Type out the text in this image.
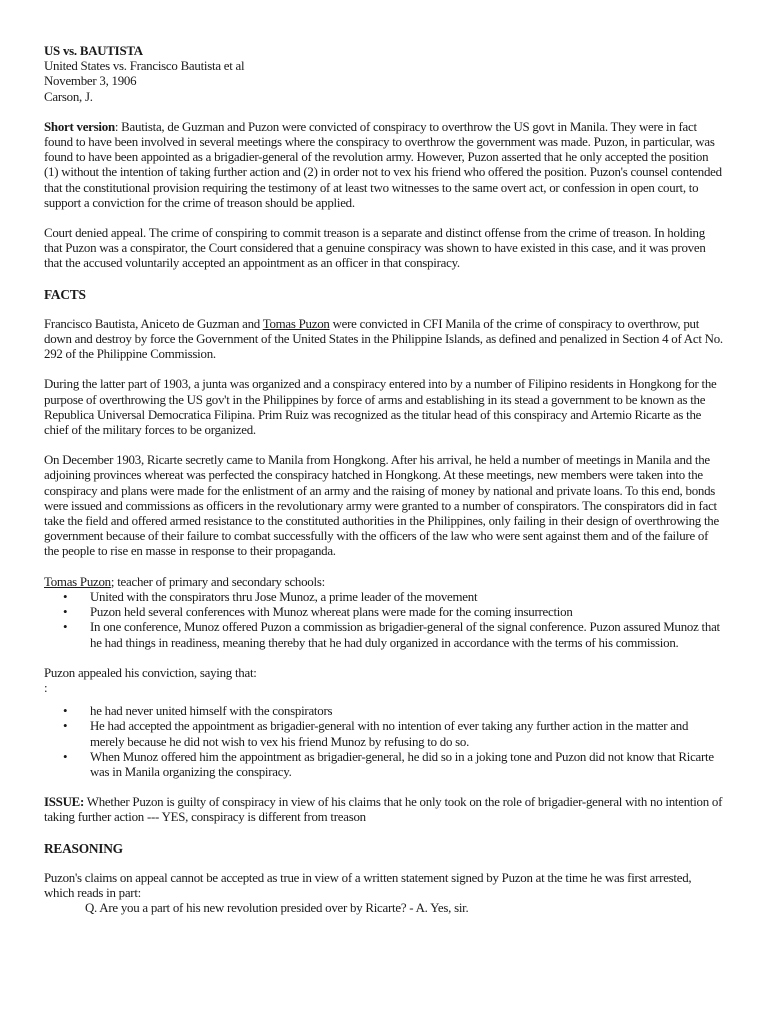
US vs. BAUTISTA

United States vs. Francisco Bautista et al

November 3, 1906

Carson, J.

Short version: Bautista, de Guzman and Puzon were convicted of conspiracy to overthrow the US govt in Manila. They were in fact found to have been involved in several meetings where the conspiracy to overthrow the government was made. Puzon, in particular, was found to have been appointed as a brigadier-general of the revolution army. However, Puzon asserted that he only accepted the position (1) without the intention of taking further action and (2) in order not to vex his friend who offered the position. Puzon's counsel contended that the constitutional provision requiring the testimony of at least two witnesses to the same overt act, or confession in open court, to support a conviction for the crime of treason should be applied.

Court denied appeal. The crime of conspiring to commit treason is a separate and distinct offense from the crime of treason. In holding that Puzon was a conspirator, the Court considered that a genuine conspiracy was shown to have existed in this case, and it was proven that the accused voluntarily accepted an appointment as an officer in that conspiracy.

FACTS

Francisco Bautista, Aniceto de Guzman and Tomas Puzon were convicted in CFI Manila of the crime of conspiracy to overthrow, put down and destroy by force the Government of the United States in the Philippine Islands, as defined and penalized in Section 4 of Act No. 292 of the Philippine Commission.

During the latter part of 1903, a junta was organized and a conspiracy entered into by a number of Filipino residents in Hongkong for the purpose of overthrowing the US gov't in the Philippines by force of arms and establishing in its stead a government to be known as the Republica Universal Democratica Filipina. Prim Ruiz was recognized as the titular head of this conspiracy and Artemio Ricarte as the chief of the military forces to be organized.

On December 1903, Ricarte secretly came to Manila from Hongkong. After his arrival, he held a number of meetings in Manila and the adjoining provinces whereat was perfected the conspiracy hatched in Hongkong. At these meetings, new members were taken into the conspiracy and plans were made for the enlistment of an army and the raising of money by national and private loans. To this end, bonds were issued and commissions as officers in the revolutionary army were granted to a number of conspirators. The conspirators did in fact take the field and offered armed resistance to the constituted authorities in the Philippines, only failing in their design of overthrowing the government because of their failure to combat successfully with the officers of the law who were sent against them and of the failure of the people to rise en masse in response to their propaganda.

Tomas Puzon; teacher of primary and secondary schools:

• United with the conspirators thru Jose Munoz, a prime leader of the movement
• Puzon held several conferences with Munoz whereat plans were made for the coming insurrection
• In one conference, Munoz offered Puzon a commission as brigadier-general of the signal conference. Puzon assured Munoz that he had things in readiness, meaning thereby that he had duly organized in accordance with the terms of his commission.

Puzon appealed his conviction, saying that:

:

• he had never united himself with the conspirators
• He had accepted the appointment as brigadier-general with no intention of ever taking any further action in the matter and merely because he did not wish to vex his friend Munoz by refusing to do so.
• When Munoz offered him the appointment as brigadier-general, he did so in a joking tone and Puzon did not know that Ricarte was in Manila organizing the conspiracy.

ISSUE: Whether Puzon is guilty of conspiracy in view of his claims that he only took on the role of brigadier-general with no intention of taking further action --- YES, conspiracy is different from treason

REASONING

Puzon's claims on appeal cannot be accepted as true in view of a written statement signed by Puzon at the time he was first arrested, which reads in part:

Q. Are you a part of his new revolution presided over by Ricarte? - A. Yes, sir.
